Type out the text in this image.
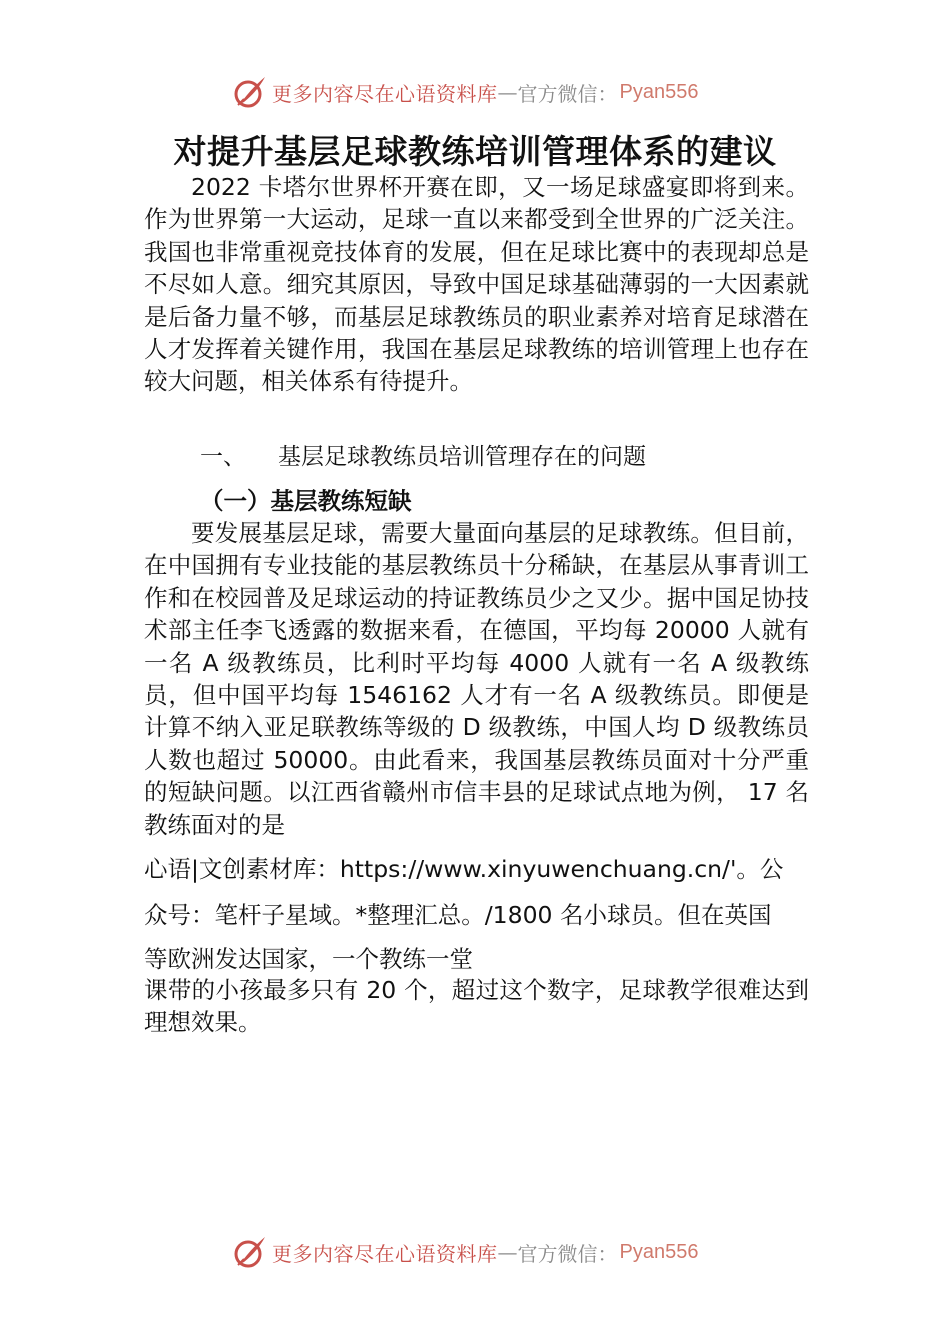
更多内容尽在心语资料库 — 官方微信： Pyan556
对提升基层足球教练培训管理体系的建议

2022 卡塔尔世界杯开赛在即，又一场足球盛宴即将到来。作为世界第一大运动，足球一直以来都受到全世界的广泛关注。我国也非常重视竞技体育的发展，但在足球比赛中的表现却总是不尽如人意。细究其原因，导致中国足球基础薄弱的一大因素就是后备力量不够，而基层足球教练员的职业素养对培育足球潜在人才发挥着关键作用，我国在基层足球教练的培训管理上也存在较大问题，相关体系有待提升。

一、 基层足球教练员培训管理存在的问题
（一）基层教练短缺

要发展基层足球，需要大量面向基层的足球教练。但目前，在中国拥有专业技能的基层教练员十分稀缺，在基层从事青训工作和在校园普及足球运动的持证教练员少之又少。据中国足协技术部主任李飞透露的数据来看，在德国，平均每 20000 人就有一名 A 级教练员，比利时平均每 4000 人就有一名 A 级教练员，但中国平均每 1546162 人才有一名 A 级教练员。即便是计算不纳入亚足联教练等级的 D 级教练，中国人均 D 级教练员人数也超过 50000。由此看来，我国基层教练员面对十分严重的短缺问题。以江西省赣州市信丰县的足球试点地为例， 17 名教练面对的是

心语|文创素材库：https://www.xinyuwenchuang.cn/'。公
众号：笔杆子星域。*整理汇总。/1800 名小球员。但在英国
等欧洲发达国家，一个教练一堂

课带的小孩最多只有 20 个，超过这个数字，足球教学很难达到理想效果。

更多内容尽在心语资料库 — 官方微信： Pyan556
